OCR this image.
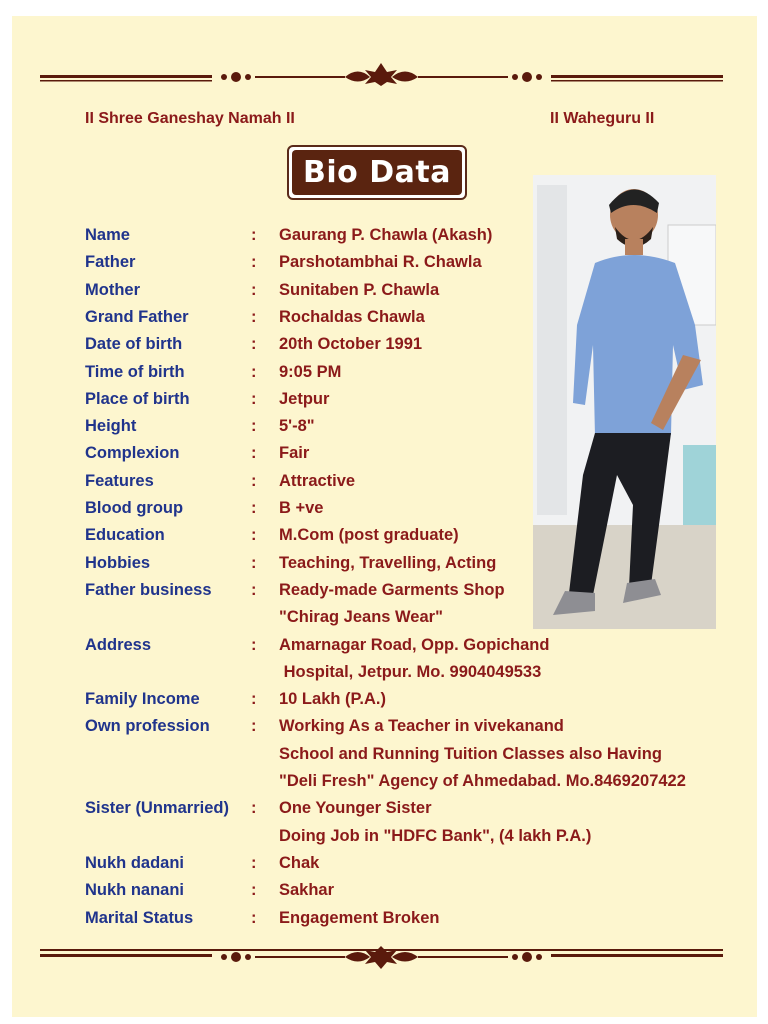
II Shree Ganeshay Namah II	II Waheguru II
Bio Data
Name	: Gaurang P. Chawla (Akash)
Father	: Parshotambhai R. Chawla
Mother	: Sunitaben P. Chawla
Grand Father	: Rochaldas Chawla
Date of birth	: 20th October 1991
Time of birth	: 9:05 PM
Place of birth	: Jetpur
Height	: 5'-8"
Complexion	: Fair
Features	: Attractive
Blood group	: B +ve
Education	: M.Com (post graduate)
Hobbies	: Teaching, Travelling, Acting
Father business : Ready-made Garments Shop
"Chirag Jeans Wear"
Address	: Amarnagar Road, Opp. Gopichand
Hospital, Jetpur. Mo. 9904049533
Family Income	: 10 Lakh (P.A.)
Own profession	: Working As a Teacher in vivekanand
School and Running Tuition Classes also Having
"Deli Fresh" Agency of Ahmedabad. Mo.8469207422
Sister (Unmarried) : One Younger Sister
Doing Job in "HDFC Bank", (4 lakh P.A.)
Nukh dadani	: Chak
Nukh nanani	: Sakhar
Marital Status	: Engagement Broken
